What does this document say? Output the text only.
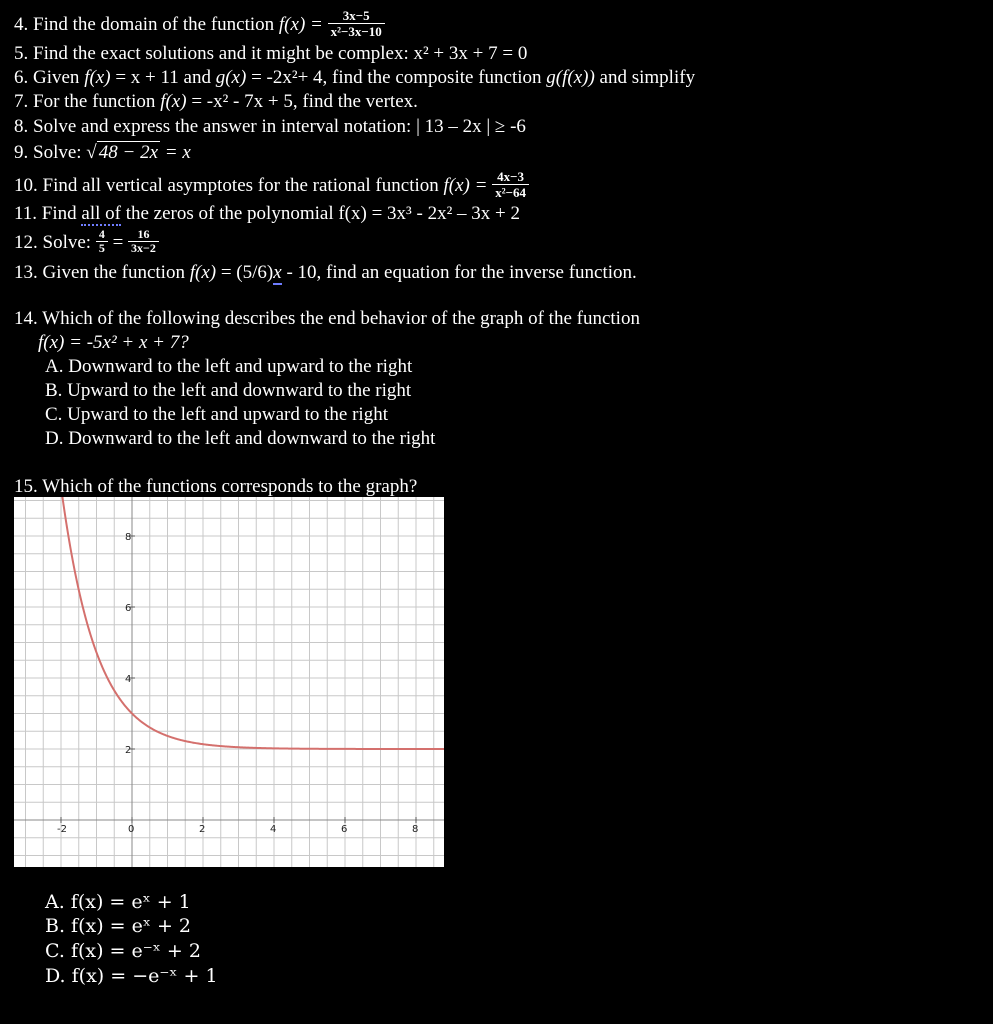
4. Find the domain of the function $f(x) = \frac{3x-5}{\text{x²−3x−10}}$
5. Find the exact solutions and it might be complex: x² + 3x + 7 = 0
6. Given f(x) = x + 11 and g(x) = -2x²+ 4, find the composite function g(f(x)) and simplify
7. For the function f(x) = -x² - 7x + 5, find the vertex.
8. Solve and express the answer in interval notation: | 13 – 2x | ≥ -6
9. Solve: √ 48 − 2x = x
10. Find all vertical asymptotes for the rational function $f(x) = \frac{4x-3}{\text{x²−64}}$
11. Find all of the zeros of the polynomial f(x) = 3x³ - 2x² – 3x + 2
12. Solve: $\frac{4}{5} = \frac{16}{3x-2}$
13. Given the function f(x) = (5/6)x - 10, find an equation for the inverse function.
14. Which of the following describes the end behavior of the graph of the function
f(x) = -5x² + x + 7?
A. Downward to the left and upward to the right
B. Upward to the left and downward to the right
C. Upward to the left and upward to the right
D. Downward to the left and downward to the right
15. Which of the functions corresponds to the graph?
-2	0	2	4	6	8
2
4
6
8
A. f(x) = eˣ + 1
B. f(x) = eˣ + 2
C. f(x) = e⁻ˣ + 2
D. f(x) = −e⁻ˣ + 1
